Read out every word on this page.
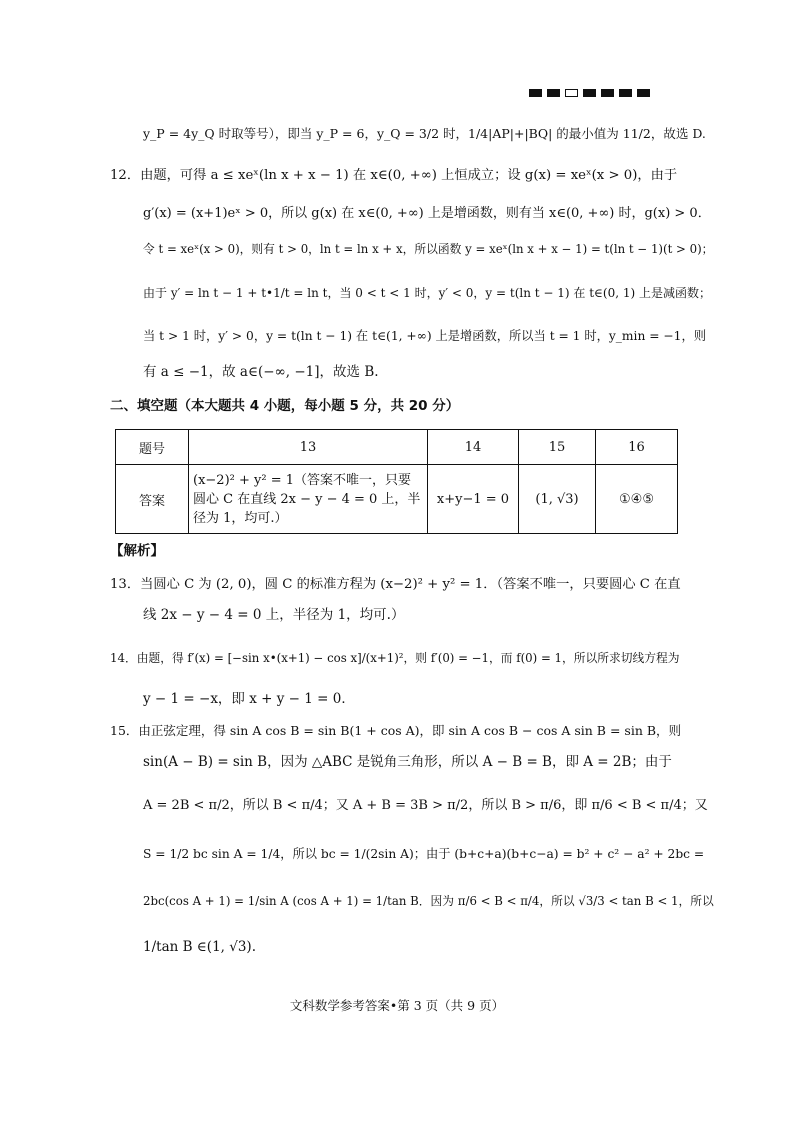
y_P = 4y_Q 时取等号），即当 y_P = 6，y_Q = 3/2 时，1/4|AP|+|BQ| 的最小值为 11/2，故选 D.
12．由题，可得 a ≤ xeˣ(ln x + x − 1) 在 x∈(0, +∞) 上恒成立；设 g(x) = xeˣ(x > 0)，由于
g′(x) = (x+1)eˣ > 0，所以 g(x) 在 x∈(0, +∞) 上是增函数，则有当 x∈(0, +∞) 时，g(x) > 0．
令 t = xeˣ(x > 0)，则有 t > 0，ln t = ln x + x，所以函数 y = xeˣ(ln x + x − 1) = t(ln t − 1)(t > 0)；
由于 y′ = ln t − 1 + t•1/t = ln t，当 0 < t < 1 时，y′ < 0，y = t(ln t − 1) 在 t∈(0, 1) 上是减函数；
当 t > 1 时，y′ > 0，y = t(ln t − 1) 在 t∈(1, +∞) 上是增函数，所以当 t = 1 时，y_min = −1，则
有 a ≤ −1，故 a∈(−∞, −1]，故选 B.
二、填空题（本大题共 4 小题，每小题 5 分，共 20 分）
题号	13	14	15	16
答案	(x−2)² + y² = 1（答案不唯一，只要圆心 C 在直线 2x − y − 4 = 0 上，半径为 1，均可.）	x+y−1 = 0	(1, √3)	①④⑤
【解析】
13．当圆心 C 为 (2, 0)，圆 C 的标准方程为 (x−2)² + y² = 1．（答案不唯一，只要圆心 C 在直
线 2x − y − 4 = 0 上，半径为 1，均可.）
14．由题，得 f′(x) = [−sin x•(x+1) − cos x]/(x+1)²，则 f′(0) = −1，而 f(0) = 1，所以所求切线方程为
y − 1 = −x，即 x + y − 1 = 0．
15．由正弦定理，得 sin A cos B = sin B(1 + cos A)，即 sin A cos B − cos A sin B = sin B，则
sin(A − B) = sin B，因为 △ABC 是锐角三角形，所以 A − B = B，即 A = 2B；由于
A = 2B < π/2，所以 B < π/4；又 A + B = 3B > π/2，所以 B > π/6，即 π/6 < B < π/4；又
S = 1/2 bc sin A = 1/4，所以 bc = 1/(2sin A)；由于 (b+c+a)(b+c−a) = b² + c² − a² + 2bc =
2bc(cos A + 1) = 1/sin A (cos A + 1) = 1/tan B．因为 π/6 < B < π/4，所以 √3/3 < tan B < 1，所以
1/tan B ∈(1, √3).
文科数学参考答案•第 3 页（共 9 页）
